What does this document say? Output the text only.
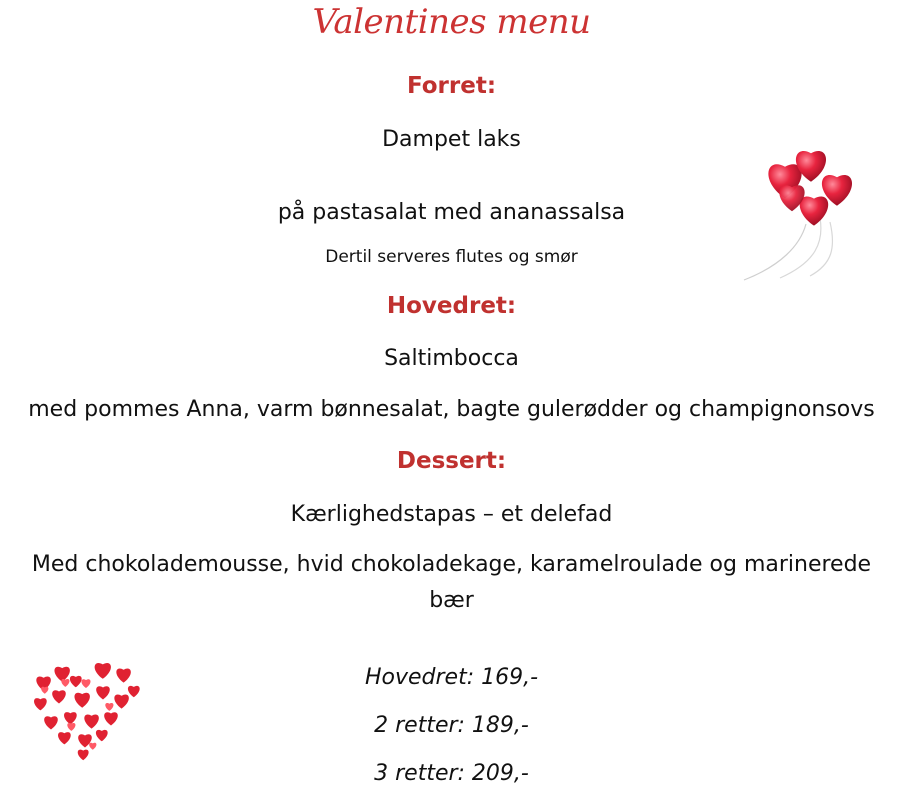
Valentines menu
Forret:
Dampet laks
på pastasalat med ananassalsa
Dertil serveres flutes og smør
Hovedret:
Saltimbocca
med pommes Anna, varm bønnesalat, bagte gulerødder og champignonsovs
Dessert:
Kærlighedstapas – et delefad
Med chokolademousse, hvid chokoladekage, karamelroulade og marinerede bær
Hovedret: 169,-
2 retter: 189,-
3 retter: 209,-
